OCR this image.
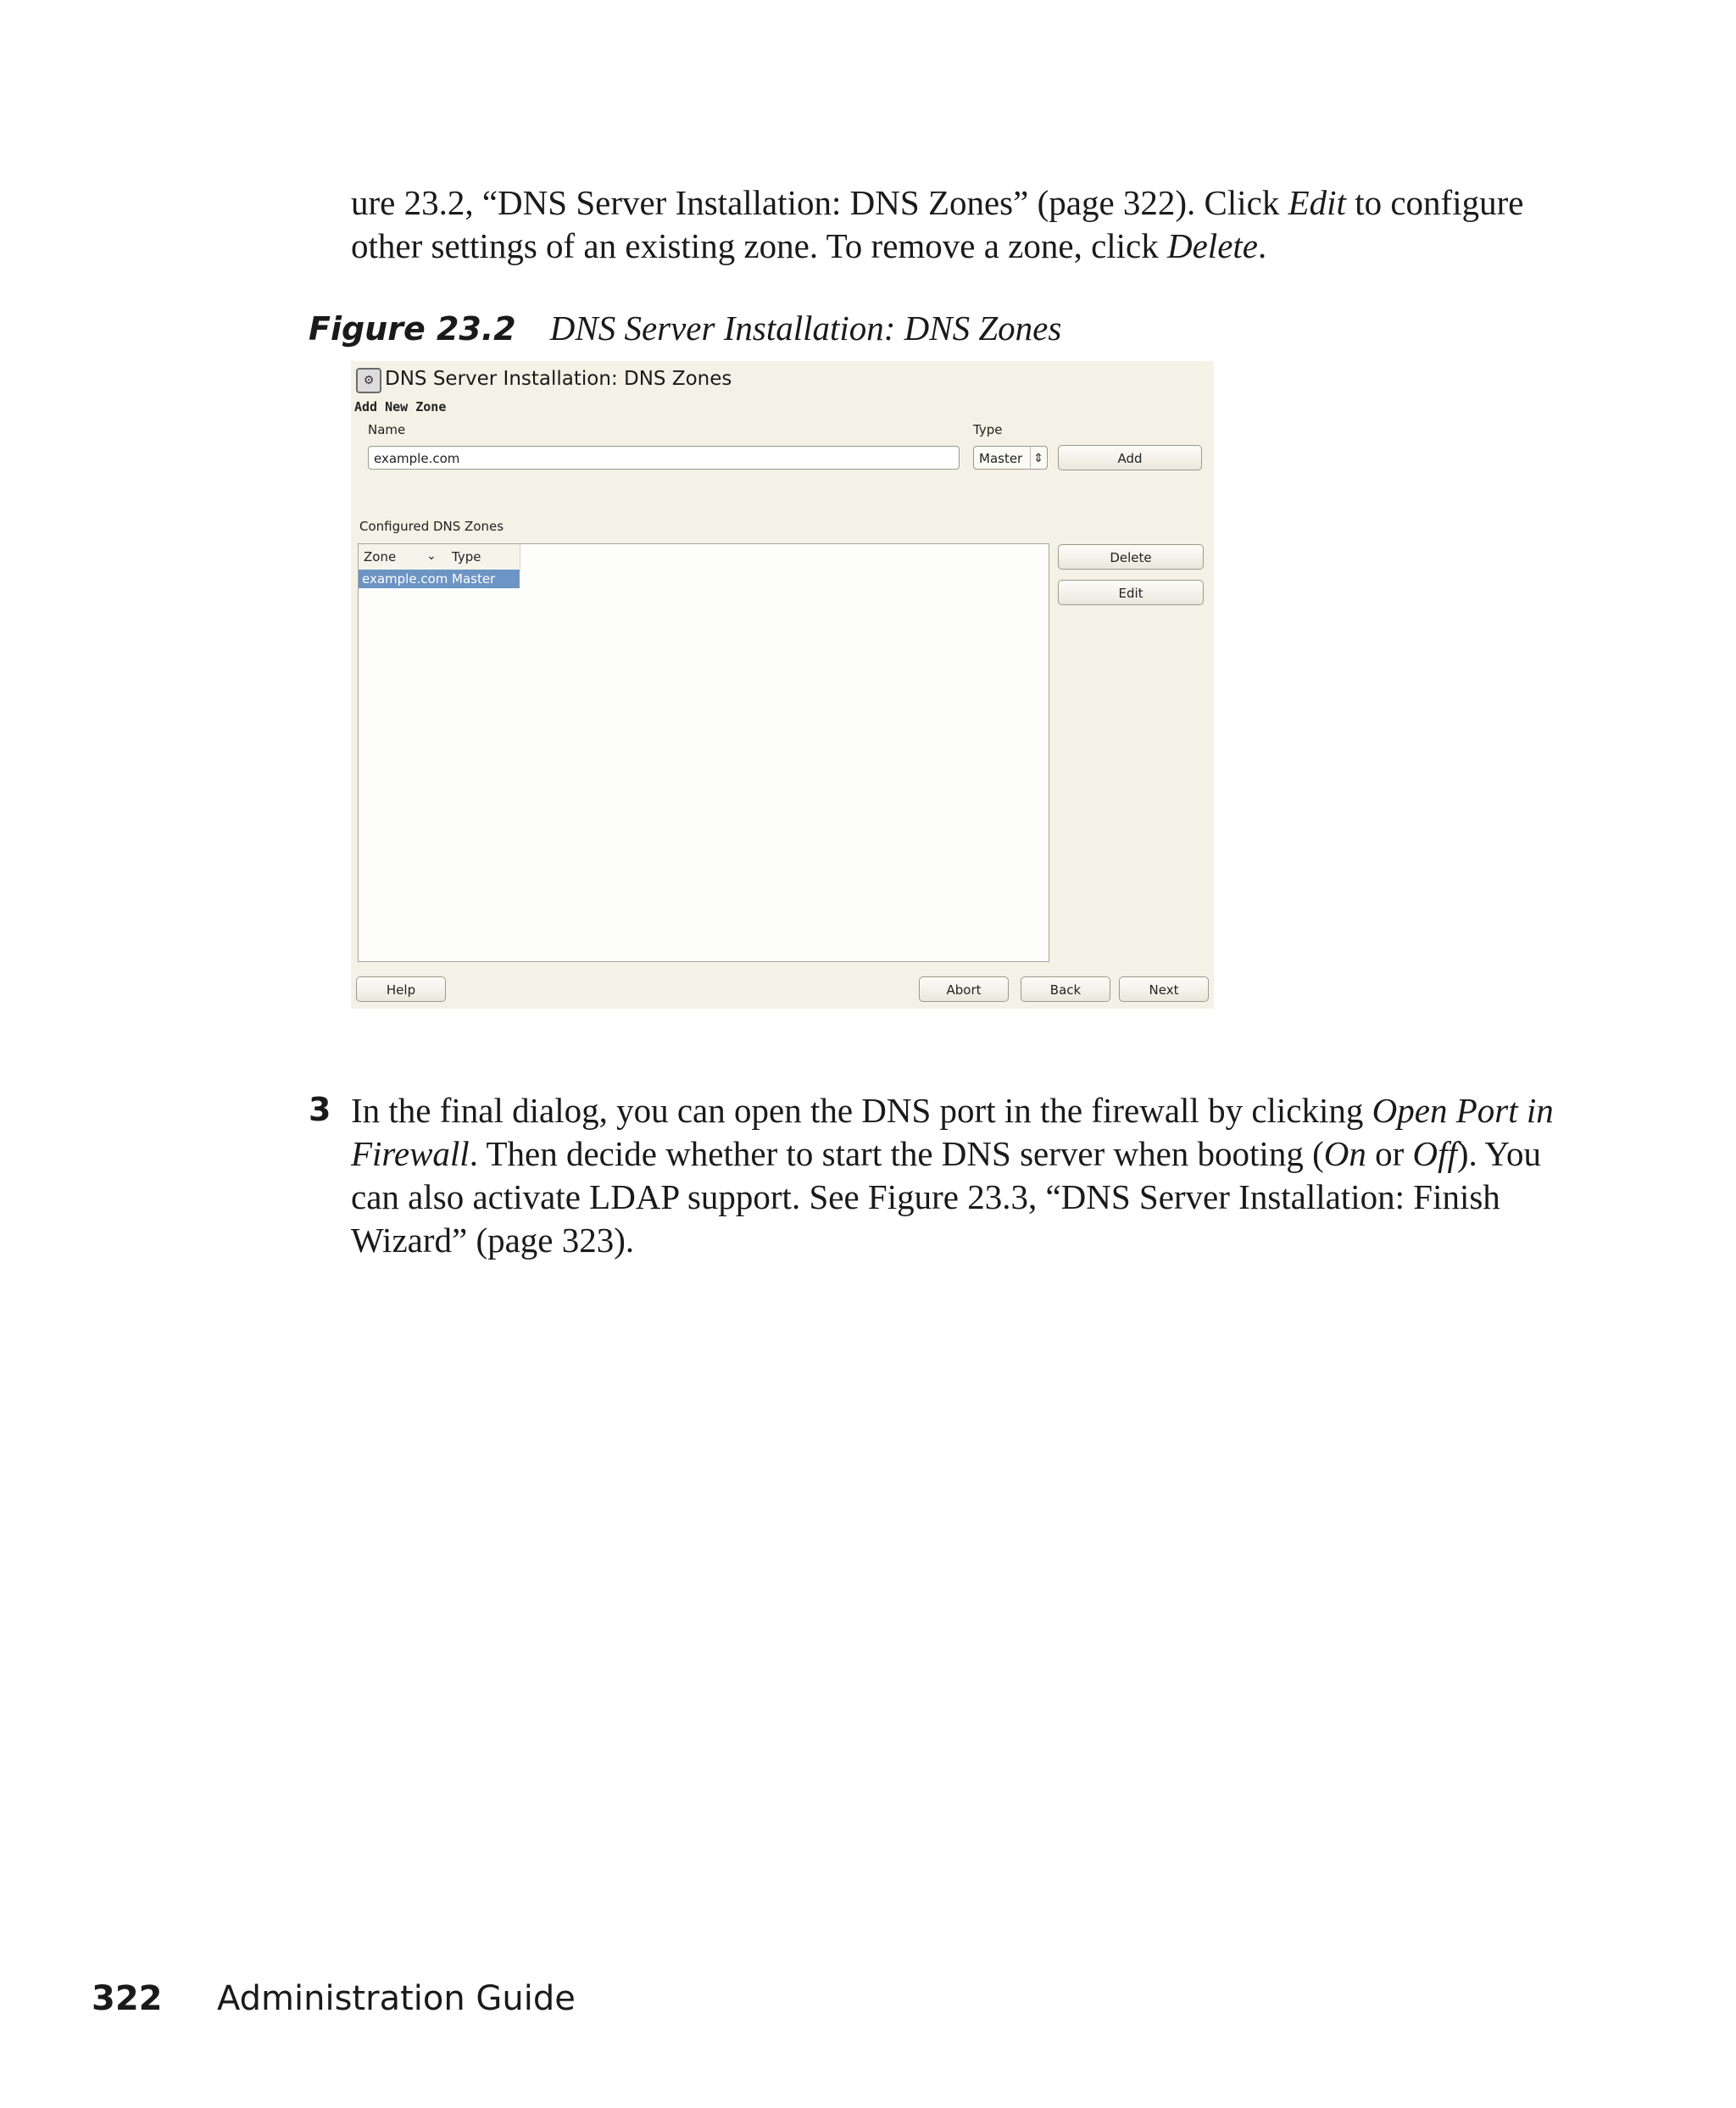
ure 23.2, “DNS Server Installation: DNS Zones” (page 322). Click Edit to configure other settings of an existing zone. To remove a zone, click Delete.

Figure 23.2 DNS Server Installation: DNS Zones
⚙ DNS Server Installation: DNS Zones
Add New Zone
Name	Type
example.com	Master ⇕	Add
Configured DNS Zones
Zone	⌄ Type
example.com Master
Delete
Edit
Help	Abort	Back	Next
3 In the final dialog, you can open the DNS port in the firewall by clicking Open Port in Firewall. Then decide whether to start the DNS server when booting (On or Off). You can also activate LDAP support. See Figure 23.3, “DNS Server Installation: Finish Wizard” (page 323).

322 Administration Guide
